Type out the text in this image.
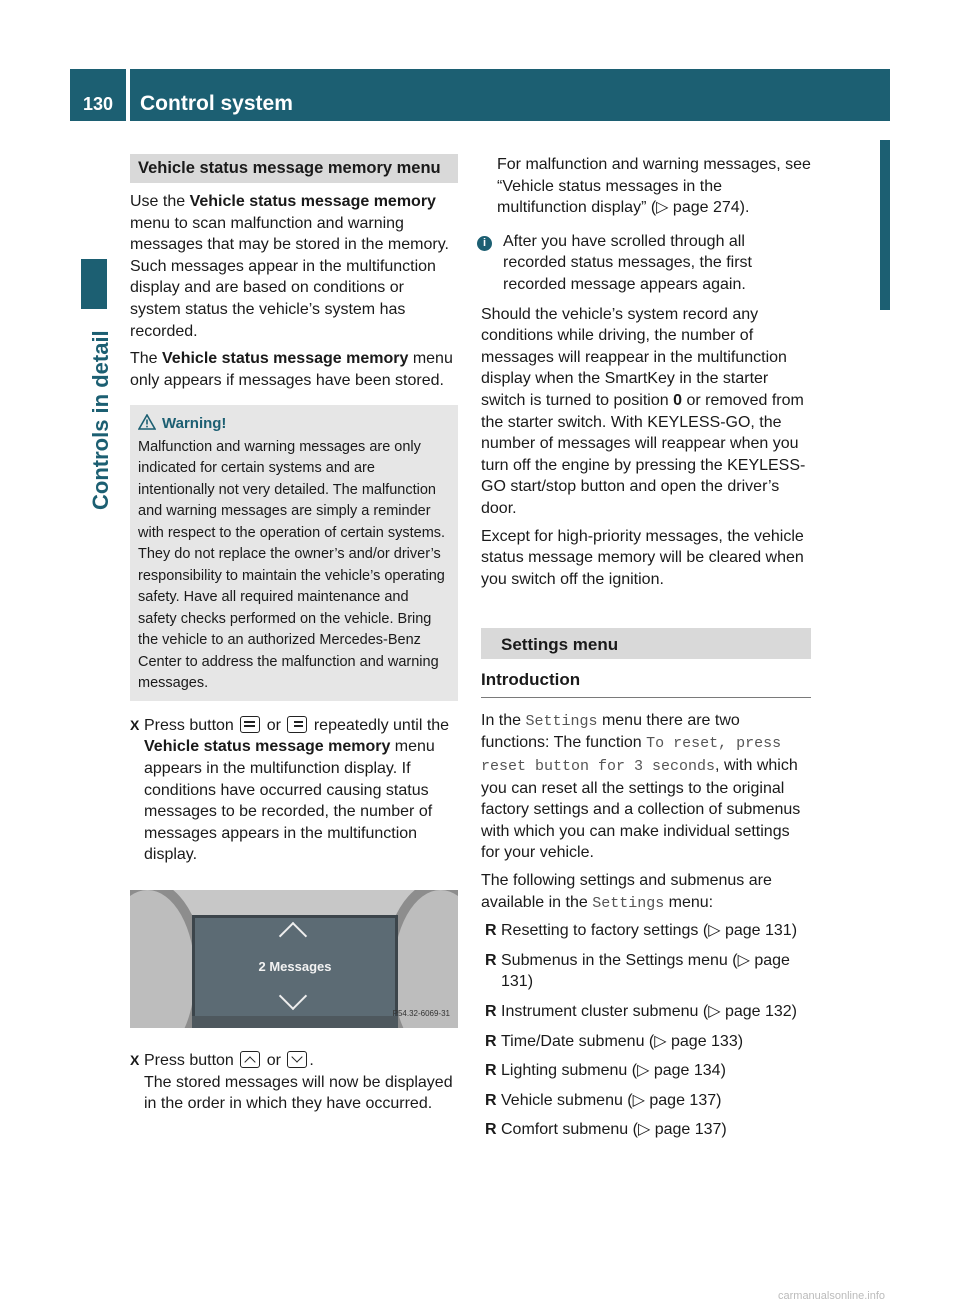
130	Control system
Controls in detail
Vehicle status message memory menu

Use the Vehicle status message memory menu to scan malfunction and warning messages that may be stored in the memory. Such messages appear in the multifunction display and are based on conditions or system status the vehicle’s system has recorded.

The Vehicle status message memory menu only appears if messages have been stored.

Warning!
Malfunction and warning messages are only indicated for certain systems and are intentionally not very detailed. The malfunction and warning messages are simply a reminder with respect to the operation of certain systems. They do not replace the owner’s and/or driver’s responsibility to maintain the vehicle’s operating safety. Have all required maintenance and safety checks performed on the vehicle. Bring the vehicle to an authorized Mercedes-Benz Center to address the malfunction and warning messages.
X Press button  or  repeatedly until the Vehicle status message memory menu appears in the multifunction display. If conditions have occurred causing status messages to be recorded, the number of messages appears in the multifunction display.
2 Messages
P54.32-6069-31
X Press button  or .
The stored messages will now be displayed in the order in which they have occurred.

For malfunction and warning messages, see “Vehicle status messages in the multifunction display” (▷ page 274).

i	After you have scrolled through all recorded status messages, the first recorded message appears again.

Should the vehicle’s system record any conditions while driving, the number of messages will reappear in the multifunction display when the SmartKey in the starter switch is turned to position 0 or removed from the starter switch. With KEYLESS-GO, the number of messages will reappear when you turn off the engine by pressing the KEYLESS-GO start/stop button and open the driver’s door.

Except for high-priority messages, the vehicle status message memory will be cleared when you switch off the ignition.

Settings menu
Introduction

In the Settings menu there are two functions: The function To reset, press reset button for 3 seconds, with which you can reset all the settings to the original factory settings and a collection of submenus with which you can make individual settings for your vehicle.

The following settings and submenus are available in the Settings menu:

R Resetting to factory settings (▷ page 131)
R Submenus in the Settings menu (▷ page 131)
R Instrument cluster submenu (▷ page 132)
R Time/Date submenu (▷ page 133)
R Lighting submenu (▷ page 134)
R Vehicle submenu (▷ page 137)
R Comfort submenu (▷ page 137)
carmanualsonline.info
